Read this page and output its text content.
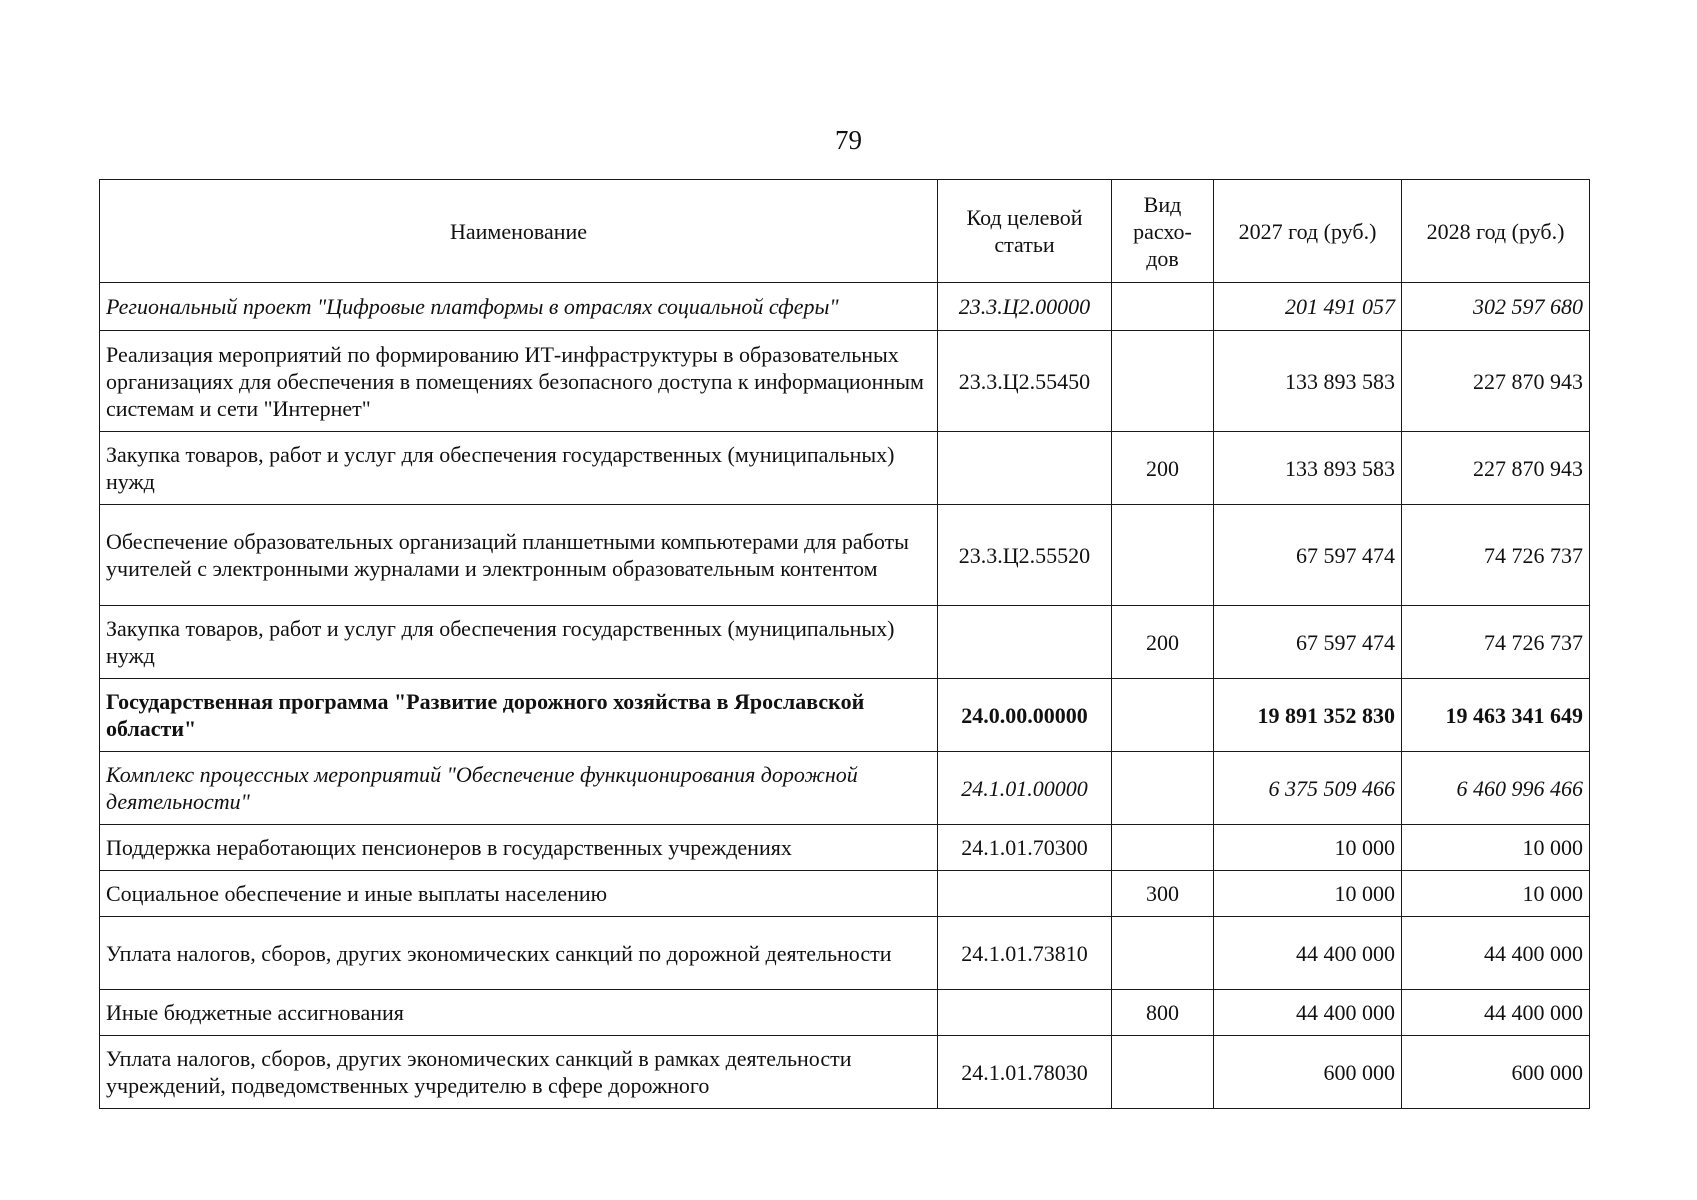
79
Наименование	Код целевой статьи	Вид расхо-дов	2027 год (руб.)	2028 год (руб.)
Региональный проект "Цифровые платформы в отраслях социальной сферы"	23.3.Ц2.00000		201 491 057	302 597 680
Реализация мероприятий по формированию ИТ-инфраструктуры в образовательных организациях для обеспечения в помещениях безопасного доступа к информационным системам и сети "Интернет"	23.3.Ц2.55450		133 893 583	227 870 943
Закупка товаров, работ и услуг для обеспечения государственных (муниципальных) нужд		200	133 893 583	227 870 943
Обеспечение образовательных организаций планшетными компьютерами для работы учителей с электронными журналами и электронным образовательным контентом	23.3.Ц2.55520		67 597 474	74 726 737
Закупка товаров, работ и услуг для обеспечения государственных (муниципальных) нужд		200	67 597 474	74 726 737
Государственная программа "Развитие дорожного хозяйства в Ярославской области"	24.0.00.00000		19 891 352 830	19 463 341 649
Комплекс процессных мероприятий "Обеспечение функционирования дорожной деятельности"	24.1.01.00000		6 375 509 466	6 460 996 466
Поддержка неработающих пенсионеров в государственных учреждениях	24.1.01.70300		10 000	10 000
Социальное обеспечение и иные выплаты населению		300	10 000	10 000
Уплата налогов, сборов, других экономических санкций по дорожной деятельности	24.1.01.73810		44 400 000	44 400 000
Иные бюджетные ассигнования		800	44 400 000	44 400 000
Уплата налогов, сборов, других экономических санкций в рамках деятельности учреждений, подведомственных учредителю в сфере дорожного	24.1.01.78030		600 000	600 000
